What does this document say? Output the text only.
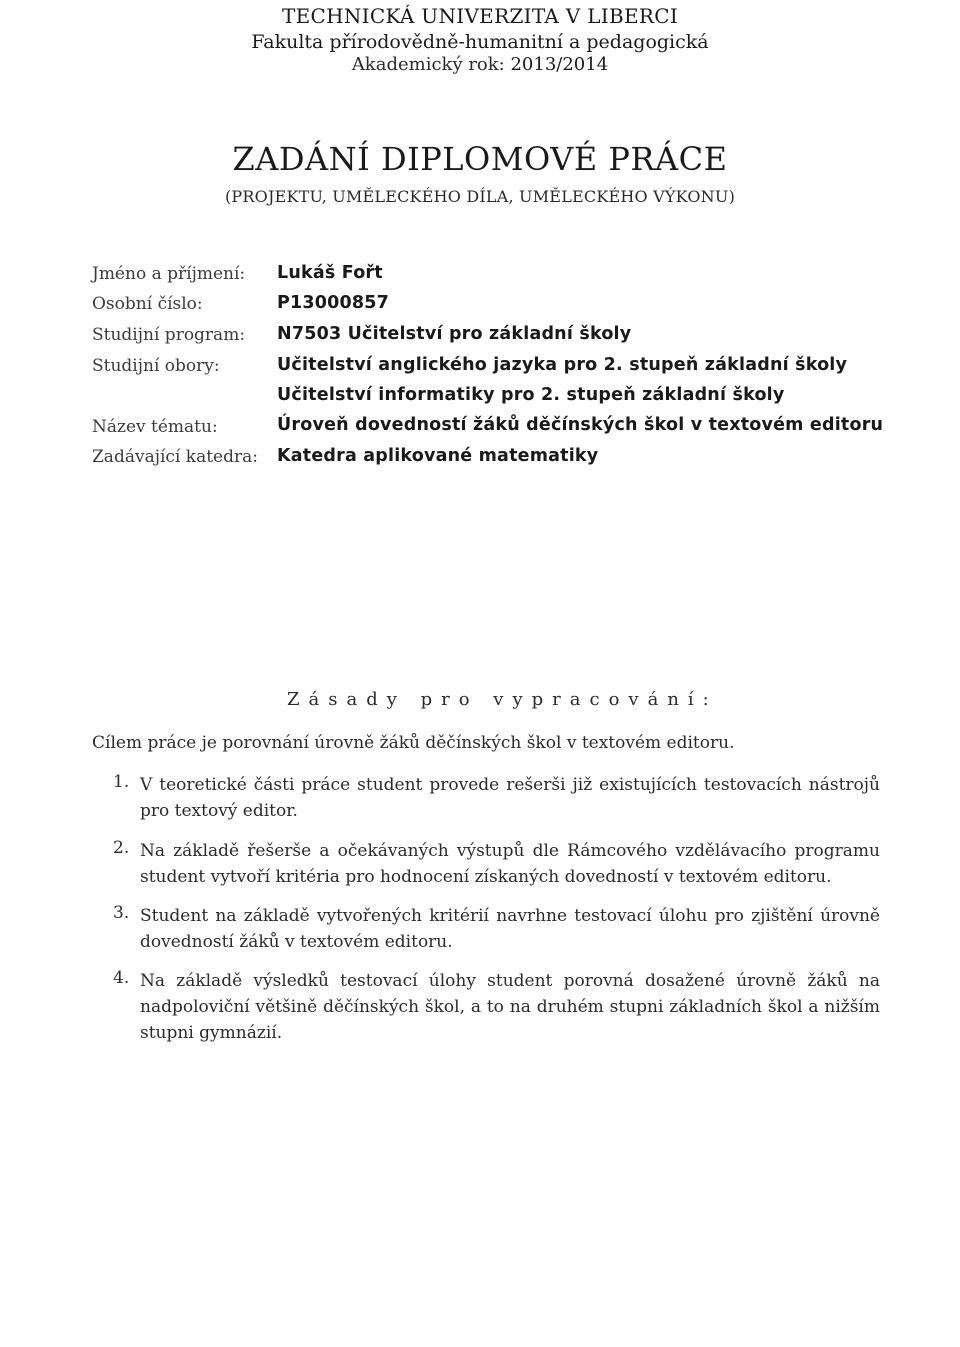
TECHNICKÁ UNIVERZITA V LIBERCI
Fakulta přírodovědně-humanitní a pedagogická
Akademický rok: 2013/2014
ZADÁNÍ DIPLOMOVÉ PRÁCE
(PROJEKTU, UMĚLECKÉHO DÍLA, UMĚLECKÉHO VÝKONU)
Jméno a příjmení: Lukáš Fořt
Osobní číslo:	P13000857
Studijní program: N7503 Učitelství pro základní školy
Studijní obory:	Učitelství anglického jazyka pro 2. stupeň základní školy
Učitelství informatiky pro 2. stupeň základní školy
Název tématu:	Úroveň dovedností žáků děčínských škol v textovém editoru
Zadávající katedra: Katedra aplikované matematiky
Zásady pro vypracování:
Cílem práce je porovnání úrovně žáků děčínských škol v textovém editoru.
1. V teoretické části práce student provede rešerši již existujících testovacích nástrojů pro textový editor.
2. Na základě řešerše a očekávaných výstupů dle Rámcového vzdělávacího programu student vytvoří kritéria pro hodnocení získaných dovedností v textovém editoru.
3. Student na základě vytvořených kritérií navrhne testovací úlohu pro zjištění úrovně dovedností žáků v textovém editoru.
4. Na základě výsledků testovací úlohy student porovná dosažené úrovně žáků na nadpoloviční většině děčínských škol, a to na druhém stupni základních škol a nižším stupni gymnázií.
